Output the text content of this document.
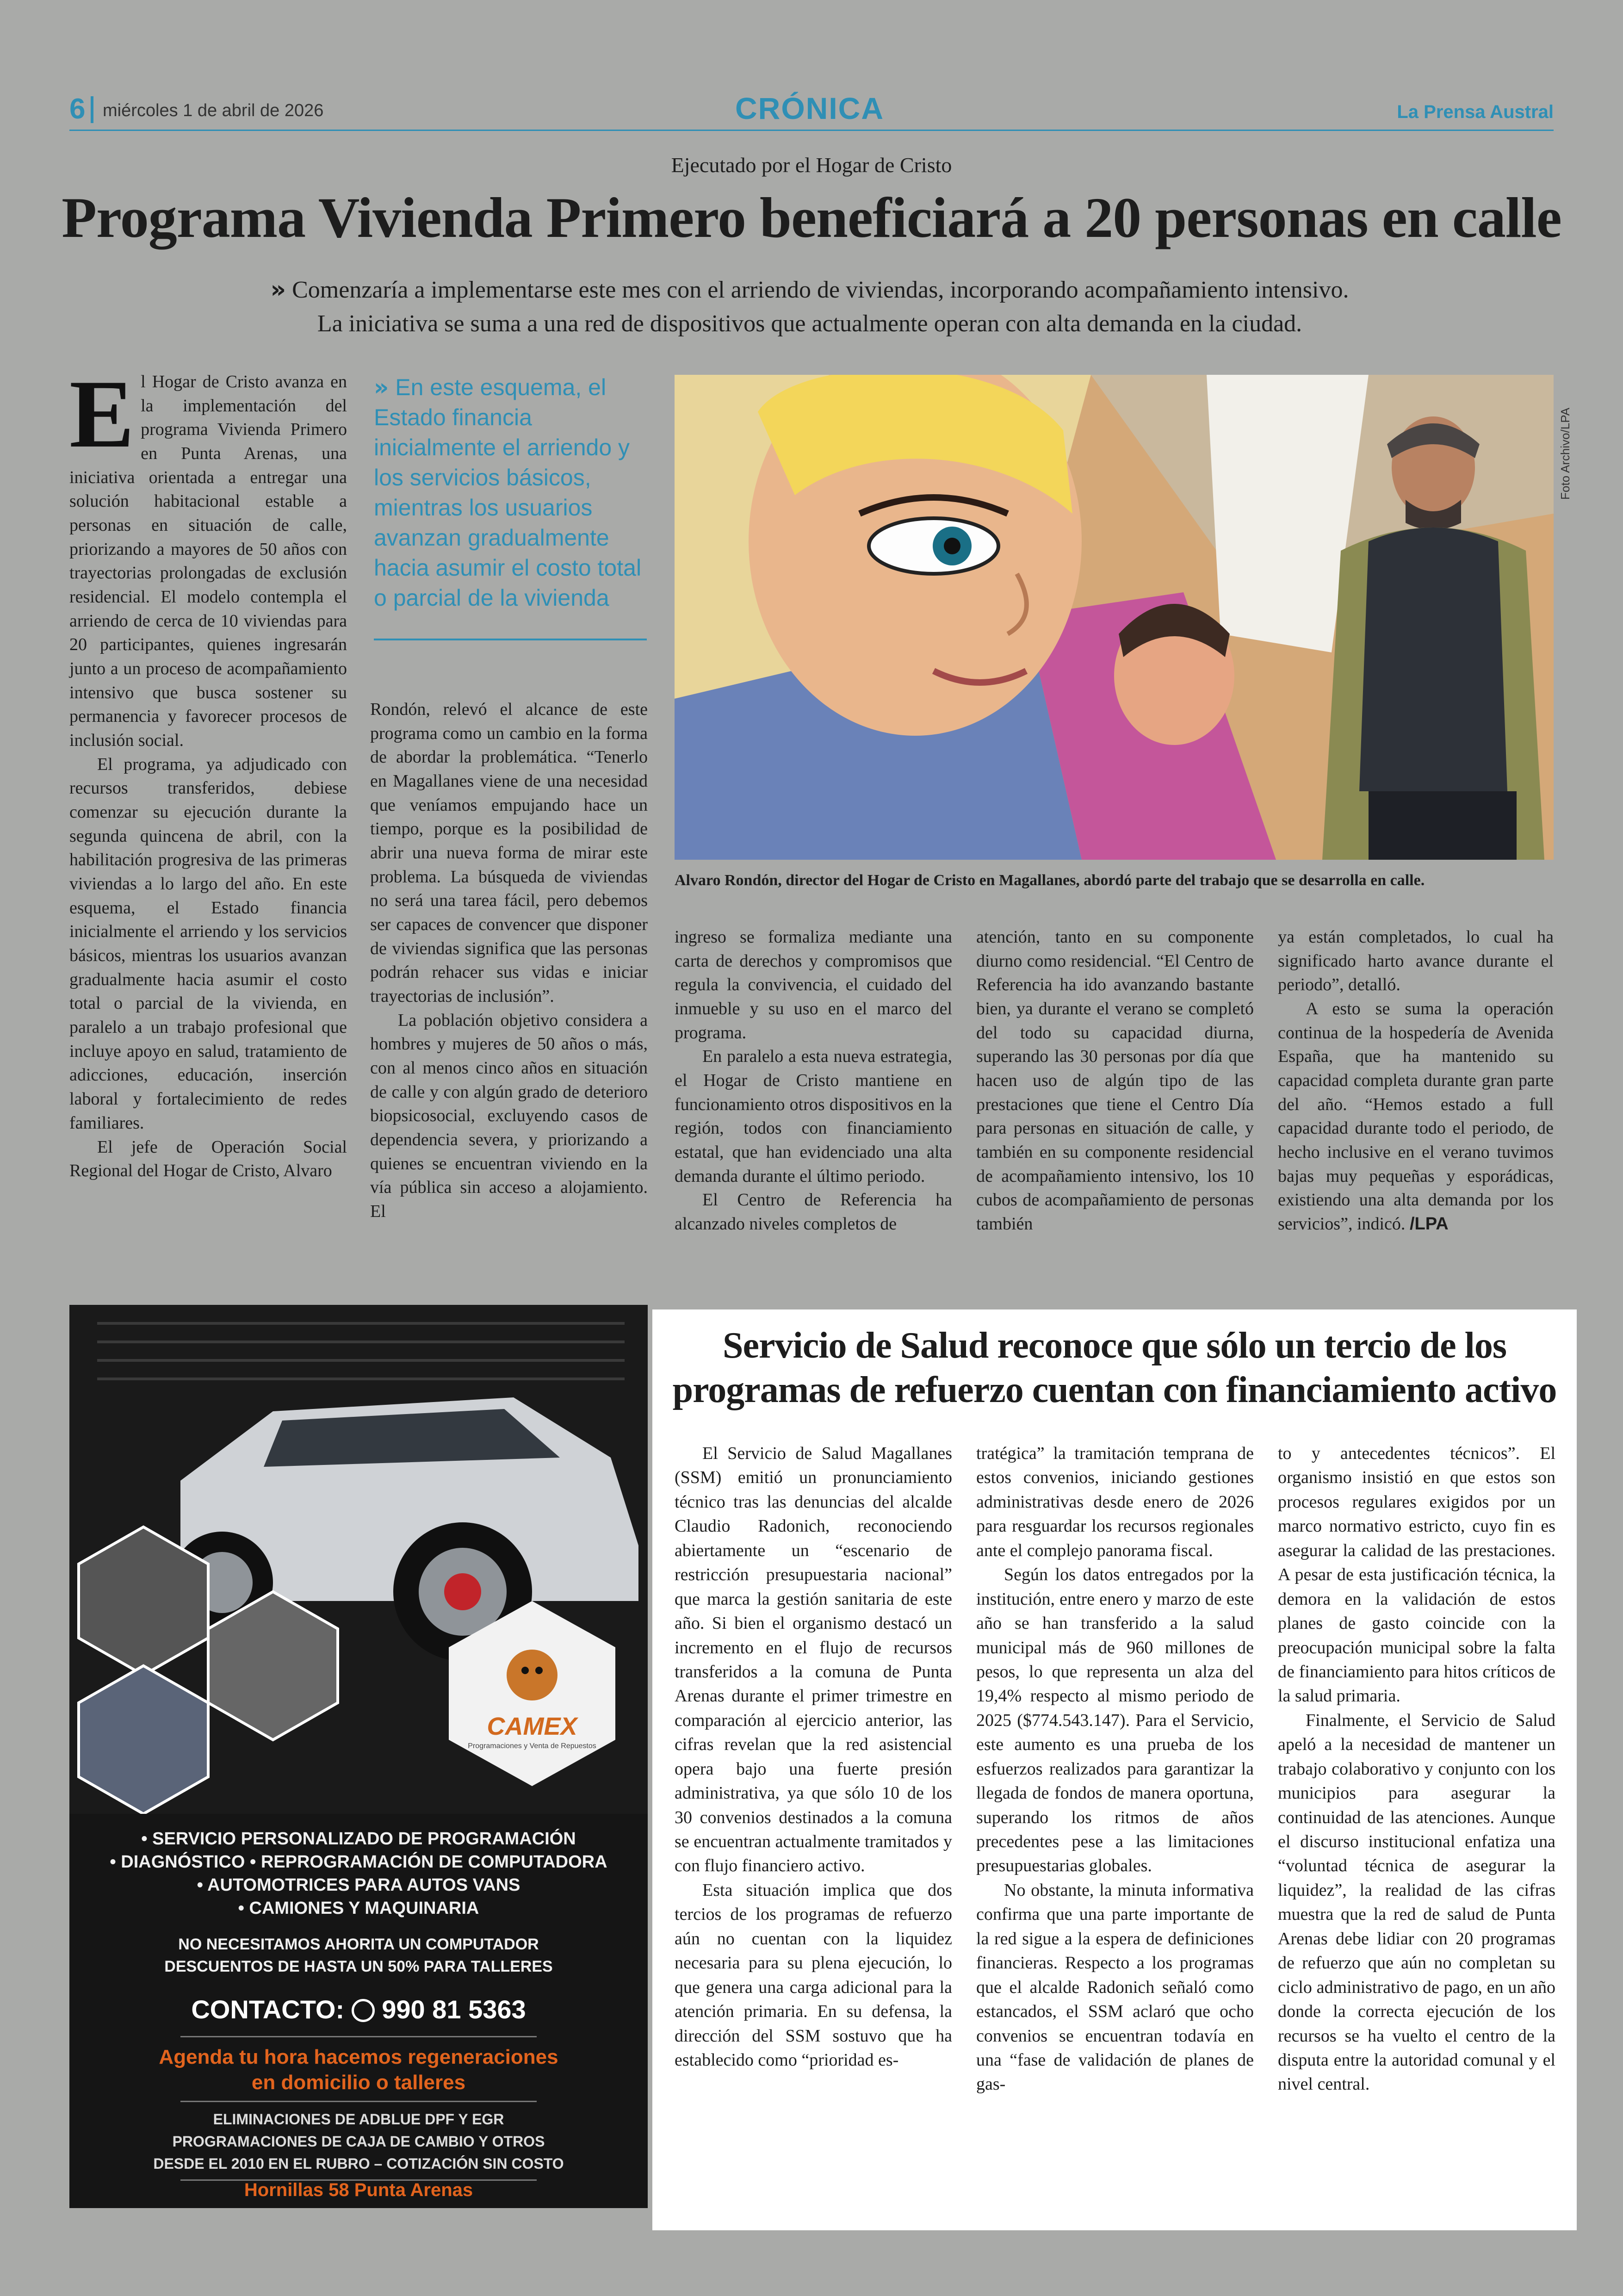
6 miércoles 1 de abril de 2026	CRÓNICA	La Prensa Austral
Ejecutado por el Hogar de Cristo
Programa Vivienda Primero beneficiará a 20 personas en calle
» Comenzaría a implementarse este mes con el arriendo de viviendas, incorporando acompañamiento intensivo.
La iniciativa se suma a una red de dispositivos que actualmente operan con alta demanda en la ciudad.

El Hogar de Cristo avanza en la implementación del programa Vivienda Primero en Punta Arenas, una iniciativa orientada a entregar una solución habitacional estable a personas en situación de calle, priorizando a mayores de 50 años con trayectorias prolongadas de exclusión residencial. El modelo contempla el arriendo de cerca de 10 viviendas para 20 participantes, quienes ingresarán junto a un proceso de acompañamiento intensivo que busca sostener su permanencia y favorecer procesos de inclusión social.

El programa, ya adjudicado con recursos transferidos, debiese comenzar su ejecución durante la segunda quincena de abril, con la habilitación progresiva de las primeras viviendas a lo largo del año. En este esquema, el Estado financia inicialmente el arriendo y los servicios básicos, mientras los usuarios avanzan gradualmente hacia asumir el costo total o parcial de la vivienda, en paralelo a un trabajo profesional que incluye apoyo en salud, tratamiento de adicciones, educación, inserción laboral y fortalecimiento de redes familiares.

El jefe de Operación Social Regional del Hogar de Cristo, Alvaro

» En este esquema, el Estado financia inicialmente el arriendo y los servicios básicos, mientras los usuarios avanzan gradualmente hacia asumir el costo total o parcial de la vivienda

Rondón, relevó el alcance de este programa como un cambio en la forma de abordar la problemática. “Tenerlo en Magallanes viene de una necesidad que veníamos empujando hace un tiempo, porque es la posibilidad de abrir una nueva forma de mirar este problema. La búsqueda de viviendas no será una tarea fácil, pero debemos ser capaces de convencer que disponer de viviendas significa que las personas podrán rehacer sus vidas e iniciar trayectorias de inclusión”.

La población objetivo considera a hombres y mujeres de 50 años o más, con al menos cinco años en situación de calle y con algún grado de deterioro biopsicosocial, excluyendo casos de dependencia severa, y priorizando a quienes se encuentran viviendo en la vía pública sin acceso a alojamiento. El

Foto Archivo/LPA
Alvaro Rondón, director del Hogar de Cristo en Magallanes, abordó parte del trabajo que se desarrolla en calle.

ingreso se formaliza mediante una carta de derechos y compromisos que regula la convivencia, el cuidado del inmueble y su uso en el marco del programa.

En paralelo a esta nueva estrategia, el Hogar de Cristo mantiene en funcionamiento otros dispositivos en la región, todos con financiamiento estatal, que han evidenciado una alta demanda durante el último periodo.

El Centro de Referencia ha alcanzado niveles completos de

atención, tanto en su componente diurno como residencial. “El Centro de Referencia ha ido avanzando bastante bien, ya durante el verano se completó del todo su capacidad diurna, superando las 30 personas por día que hacen uso de algún tipo de las prestaciones que tiene el Centro Día para personas en situación de calle, y también en su componente residencial de acompañamiento intensivo, los 10 cubos de acompañamiento de personas también

ya están completados, lo cual ha significado harto avance durante el periodo”, detalló.

A esto se suma la operación continua de la hospedería de Avenida España, que ha mantenido su capacidad completa durante gran parte del año. “Hemos estado a full capacidad durante todo el periodo, de hecho inclusive en el verano tuvimos bajas muy pequeñas y esporádicas, existiendo una alta demanda por los servicios”, indicó. /LPA

CAMEX
Programaciones y Venta de Repuestos
• SERVICIO PERSONALIZADO DE PROGRAMACIÓN
• DIAGNÓSTICO • REPROGRAMACIÓN DE COMPUTADORA
• AUTOMOTRICES PARA AUTOS VANS
• CAMIONES Y MAQUINARIA
NO NECESITAMOS AHORITA UN COMPUTADOR
DESCUENTOS DE HASTA UN 50% PARA TALLERES
CONTACTO: 990 81 5363
Agenda tu hora hacemos regeneraciones
en domicilio o talleres
ELIMINACIONES DE ADBLUE DPF Y EGR
PROGRAMACIONES DE CAJA DE CAMBIO Y OTROS
DESDE EL 2010 EN EL RUBRO – COTIZACIÓN SIN COSTO
Hornillas 58 Punta Arenas
Servicio de Salud reconoce que sólo un tercio de los
programas de refuerzo cuentan con financiamiento activo

El Servicio de Salud Magallanes (SSM) emitió un pronunciamiento técnico tras las denuncias del alcalde Claudio Radonich, reconociendo abiertamente un “escenario de restricción presupuestaria nacional” que marca la gestión sanitaria de este año. Si bien el organismo destacó un incremento en el flujo de recursos transferidos a la comuna de Punta Arenas durante el primer trimestre en comparación al ejercicio anterior, las cifras revelan que la red asistencial opera bajo una fuerte presión administrativa, ya que sólo 10 de los 30 convenios destinados a la comuna se encuentran actualmente tramitados y con flujo financiero activo.

Esta situación implica que dos tercios de los programas de refuerzo aún no cuentan con la liquidez necesaria para su plena ejecución, lo que genera una carga adicional para la atención primaria. En su defensa, la dirección del SSM sostuvo que ha establecido como “prioridad es-

tratégica” la tramitación temprana de estos convenios, iniciando gestiones administrativas desde enero de 2026 para resguardar los recursos regionales ante el complejo panorama fiscal.

Según los datos entregados por la institución, entre enero y marzo de este año se han transferido a la salud municipal más de 960 millones de pesos, lo que representa un alza del 19,4% respecto al mismo periodo de 2025 ($774.543.147). Para el Servicio, este aumento es una prueba de los esfuerzos realizados para garantizar la llegada de fondos de manera oportuna, superando los ritmos de años precedentes pese a las limitaciones presupuestarias globales.

No obstante, la minuta informativa confirma que una parte importante de la red sigue a la espera de definiciones financieras. Respecto a los programas que el alcalde Radonich señaló como estancados, el SSM aclaró que ocho convenios se encuentran todavía en una “fase de validación de planes de gas-

to y antecedentes técnicos”. El organismo insistió en que estos son procesos regulares exigidos por un marco normativo estricto, cuyo fin es asegurar la calidad de las prestaciones. A pesar de esta justificación técnica, la demora en la validación de estos planes de gasto coincide con la preocupación municipal sobre la falta de financiamiento para hitos críticos de la salud primaria.

Finalmente, el Servicio de Salud apeló a la necesidad de mantener un trabajo colaborativo y conjunto con los municipios para asegurar la continuidad de las atenciones. Aunque el discurso institucional enfatiza una “voluntad técnica de asegurar la liquidez”, la realidad de las cifras muestra que la red de salud de Punta Arenas debe lidiar con 20 programas de refuerzo que aún no completan su ciclo administrativo de pago, en un año donde la correcta ejecución de los recursos se ha vuelto el centro de la disputa entre la autoridad comunal y el nivel central.
